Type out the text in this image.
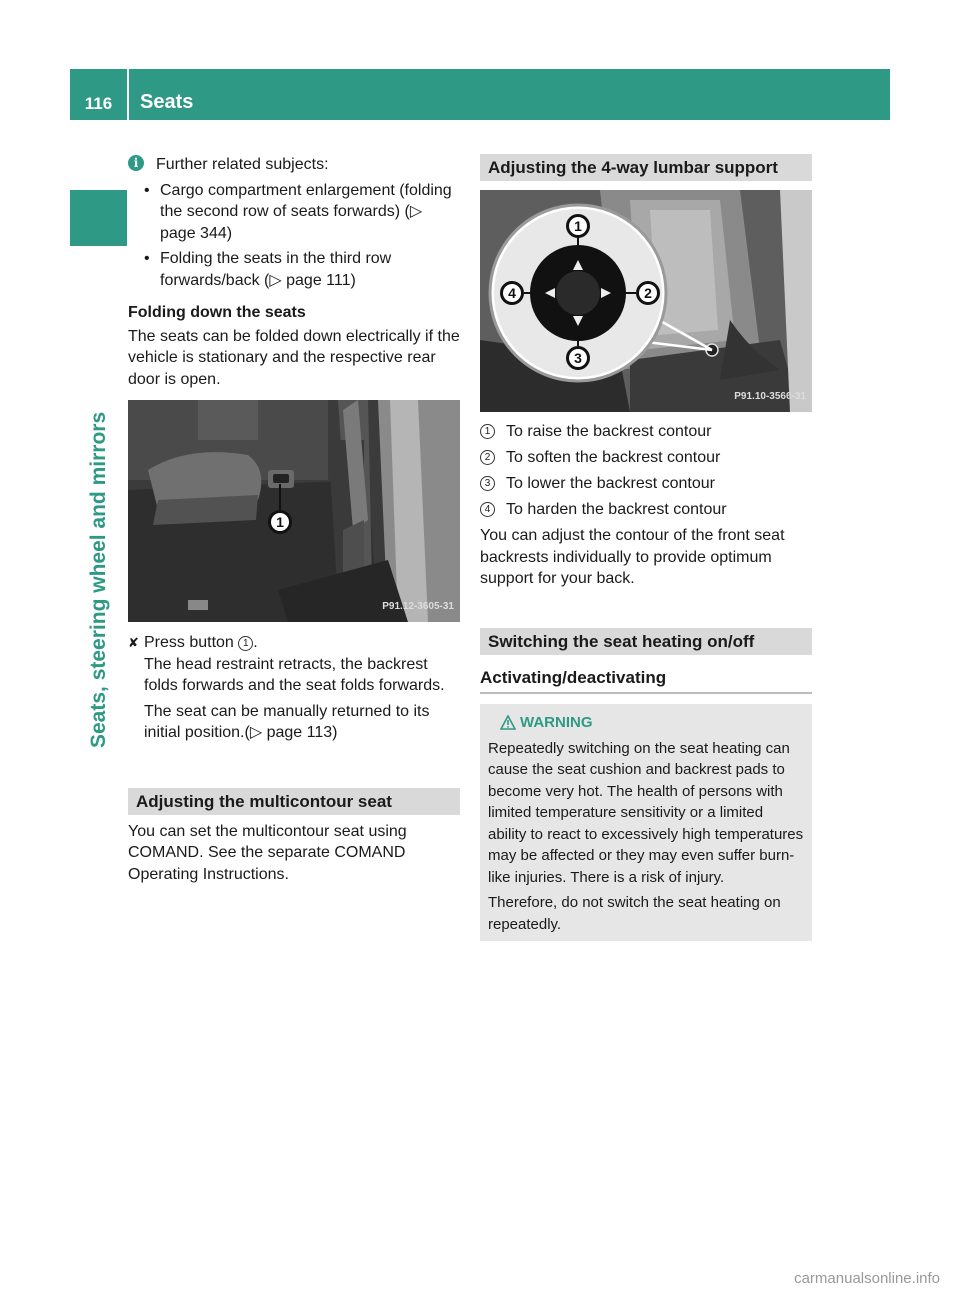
116	Seats
Seats, steering wheel and mirrors
i	Further related subjects:

• Cargo compartment enlargement (folding the second row of seats forwards) (▷ page 344)
• Folding the seats in the third row forwards/back (▷ page 111)

Folding down the seats

The seats can be folded down electrically if the vehicle is stationary and the respective rear door is open.

1
P91.12-3605-31
✘ Press button 1 .

The head restraint retracts, the backrest folds forwards and the seat folds forwards.

The seat can be manually returned to its initial position.(▷ page 113)

Adjusting the multicontour seat

You can set the multicontour seat using COMAND. See the separate COMAND Operating Instructions.

Adjusting the 4-way lumbar support
1
2
3
4
P91.10-3566-31
1 To raise the backrest contour
2 To soften the backrest contour
3 To lower the backrest contour
4 To harden the backrest contour

You can adjust the contour of the front seat backrests individually to provide optimum support for your back.

Switching the seat heating on/off
Activating/deactivating
WARNING

Repeatedly switching on the seat heating can cause the seat cushion and backrest pads to become very hot. The health of persons with limited temperature sensitivity or a limited ability to react to excessively high temperatures may be affected or they may even suffer burn-like injuries. There is a risk of injury.

Therefore, do not switch the seat heating on repeatedly.

carmanualsonline.info
